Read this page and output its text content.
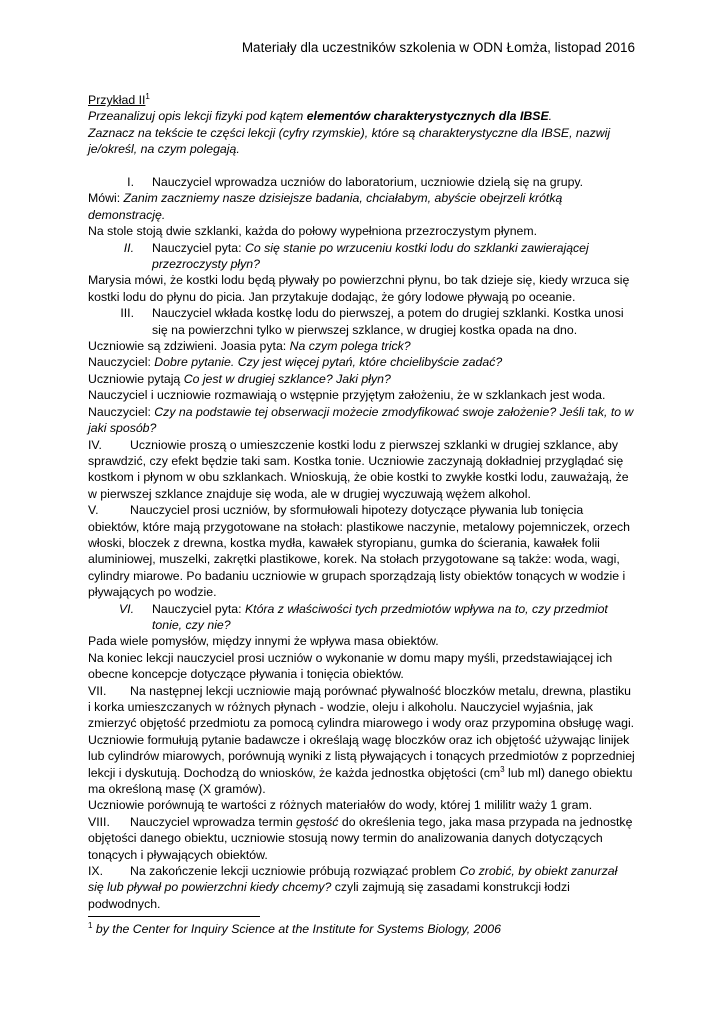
Materiały dla uczestników szkolenia w ODN Łomża, listopad 2016

Przykład $II^1$

Przeanalizuj opis lekcji fizyki pod kątem elementów charakterystycznych dla IBSE.

Zaznacz na tekście te części lekcji (cyfry rzymskie), które są charakterystyczne dla IBSE, nazwij je/określ, na czym polegają.

I.	Nauczyciel wprowadza uczniów do laboratorium, uczniowie dzielą się na grupy.

Mówi: Zanim zaczniemy nasze dzisiejsze badania, chciałabym, abyście obejrzeli krótką demonstrację.

Na stole stoją dwie szklanki, każda do połowy wypełniona przezroczystym płynem.

II.	Nauczyciel pyta: Co się stanie po wrzuceniu kostki lodu do szklanki zawierającej przezroczysty płyn?

Marysia mówi, że kostki lodu będą pływały po powierzchni płynu, bo tak dzieje się, kiedy wrzuca się kostki lodu do płynu do picia. Jan przytakuje dodając, że góry lodowe pływają po oceanie.

III.	Nauczyciel wkłada kostkę lodu do pierwszej, a potem do drugiej szklanki. Kostka unosi się na powierzchni tylko w pierwszej szklance, w drugiej kostka opada na dno.

Uczniowie są zdziwieni. Joasia pyta: Na czym polega trick?

Nauczyciel: Dobre pytanie. Czy jest więcej pytań, które chcielibyście zadać?

Uczniowie pytają Co jest w drugiej szklance? Jaki płyn?

Nauczyciel i uczniowie rozmawiają o wstępnie przyjętym założeniu, że w szklankach jest woda.

Nauczyciel: Czy na podstawie tej obserwacji możecie zmodyfikować swoje założenie? Jeśli tak, to w jaki sposób?

IV. Uczniowie proszą o umieszczenie kostki lodu z pierwszej szklanki w drugiej szklance, aby sprawdzić, czy efekt będzie taki sam. Kostka tonie. Uczniowie zaczynają dokładniej przyglądać się kostkom i płynom w obu szklankach. Wnioskują, że obie kostki to zwykłe kostki lodu, zauważają, że w pierwszej szklance znajduje się woda, ale w drugiej wyczuwają wężem alkohol.

V.	Nauczyciel prosi uczniów, by sformułowali hipotezy dotyczące pływania lub tonięcia obiektów, które mają przygotowane na stołach: plastikowe naczynie, metalowy pojemniczek, orzech włoski, bloczek z drewna, kostka mydła, kawałek styropianu, gumka do ścierania, kawałek folii aluminiowej, muszelki, zakrętki plastikowe, korek. Na stołach przygotowane są także: woda, wagi, cylindry miarowe. Po badaniu uczniowie w grupach sporządzają listy obiektów tonących w wodzie i pływających po wodzie.

VI.	Nauczyciel pyta: Która z właściwości tych przedmiotów wpływa na to, czy przedmiot tonie, czy nie?

Pada wiele pomysłów, między innymi że wpływa masa obiektów.

Na koniec lekcji nauczyciel prosi uczniów o wykonanie w domu mapy myśli, przedstawiającej ich obecne koncepcje dotyczące pływania i tonięcia obiektów.

VII. Na następnej lekcji uczniowie mają porównać pływalność bloczków metalu, drewna, plastiku i korka umieszczanych w różnych płynach - wodzie, oleju i alkoholu. Nauczyciel wyjaśnia, jak zmierzyć objętość przedmiotu za pomocą cylindra miarowego i wody oraz przypomina obsługę wagi.

Uczniowie formułują pytanie badawcze i określają wagę bloczków oraz ich objętość używając linijek lub cylindrów miarowych, porównują wyniki z listą pływających i tonących przedmiotów z poprzedniej lekcji i dyskutują. Dochodzą do wniosków, że każda jednostka objętości ($cm^3$ lub ml) danego obiektu ma określoną masę (X gramów).

Uczniowie porównują te wartości z różnych materiałów do wody, której 1 mililitr waży 1 gram.

VIII. Nauczyciel wprowadza termin gęstość do określenia tego, jaka masa przypada na jednostkę objętości danego obiektu, uczniowie stosują nowy termin do analizowania danych dotyczących tonących i pływających obiektów.

IX. Na zakończenie lekcji uczniowie próbują rozwiązać problem Co zrobić, by obiekt zanurzał się lub pływał po powierzchni kiedy chcemy? czyli zajmują się zasadami konstrukcji łodzi podwodnych.

$^1$ by the Center for Inquiry Science at the Institute for Systems Biology, 2006
